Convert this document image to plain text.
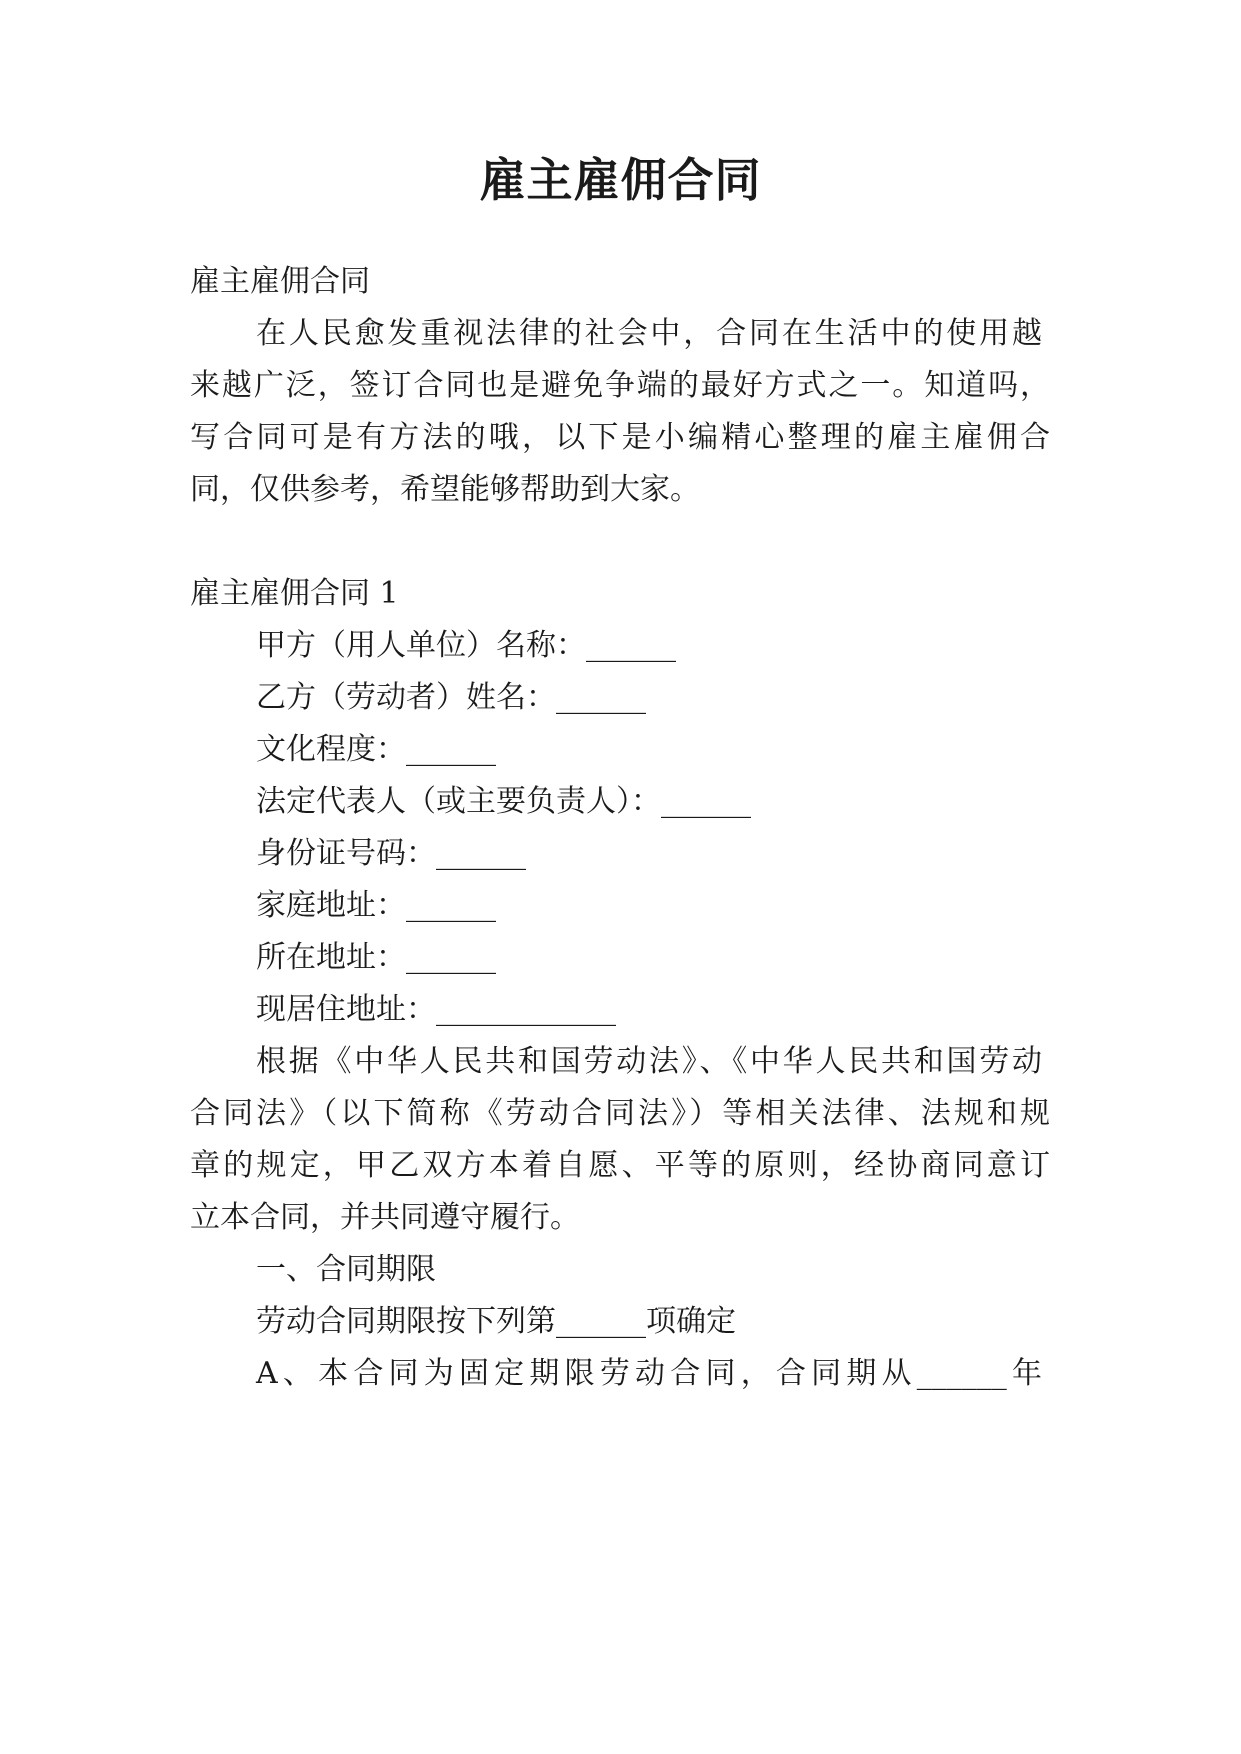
雇主雇佣合同

雇主雇佣合同

在人民愈发重视法律的社会中，合同在生活中的使用越

来越广泛，签订合同也是避免争端的最好方式之一。知道吗，

写合同可是有方法的哦，以下是小编精心整理的雇主雇佣合

同，仅供参考，希望能够帮助到大家。

雇主雇佣合同 1

甲方（用人单位）名称：______

乙方（劳动者）姓名：______

文化程度：______

法定代表人（或主要负责人）：______

身份证号码：______

家庭地址：______

所在地址：______

现居住地址：____________

根据《中华人民共和国劳动法》、《中华人民共和国劳动

合同法》（以下简称《劳动合同法》）等相关法律、法规和规

章的规定，甲乙双方本着自愿、平等的原则，经协商同意订

立本合同，并共同遵守履行。

一、合同期限

劳动合同期限按下列第______项确定

A、本合同为固定期限劳动合同，合同期从______年
